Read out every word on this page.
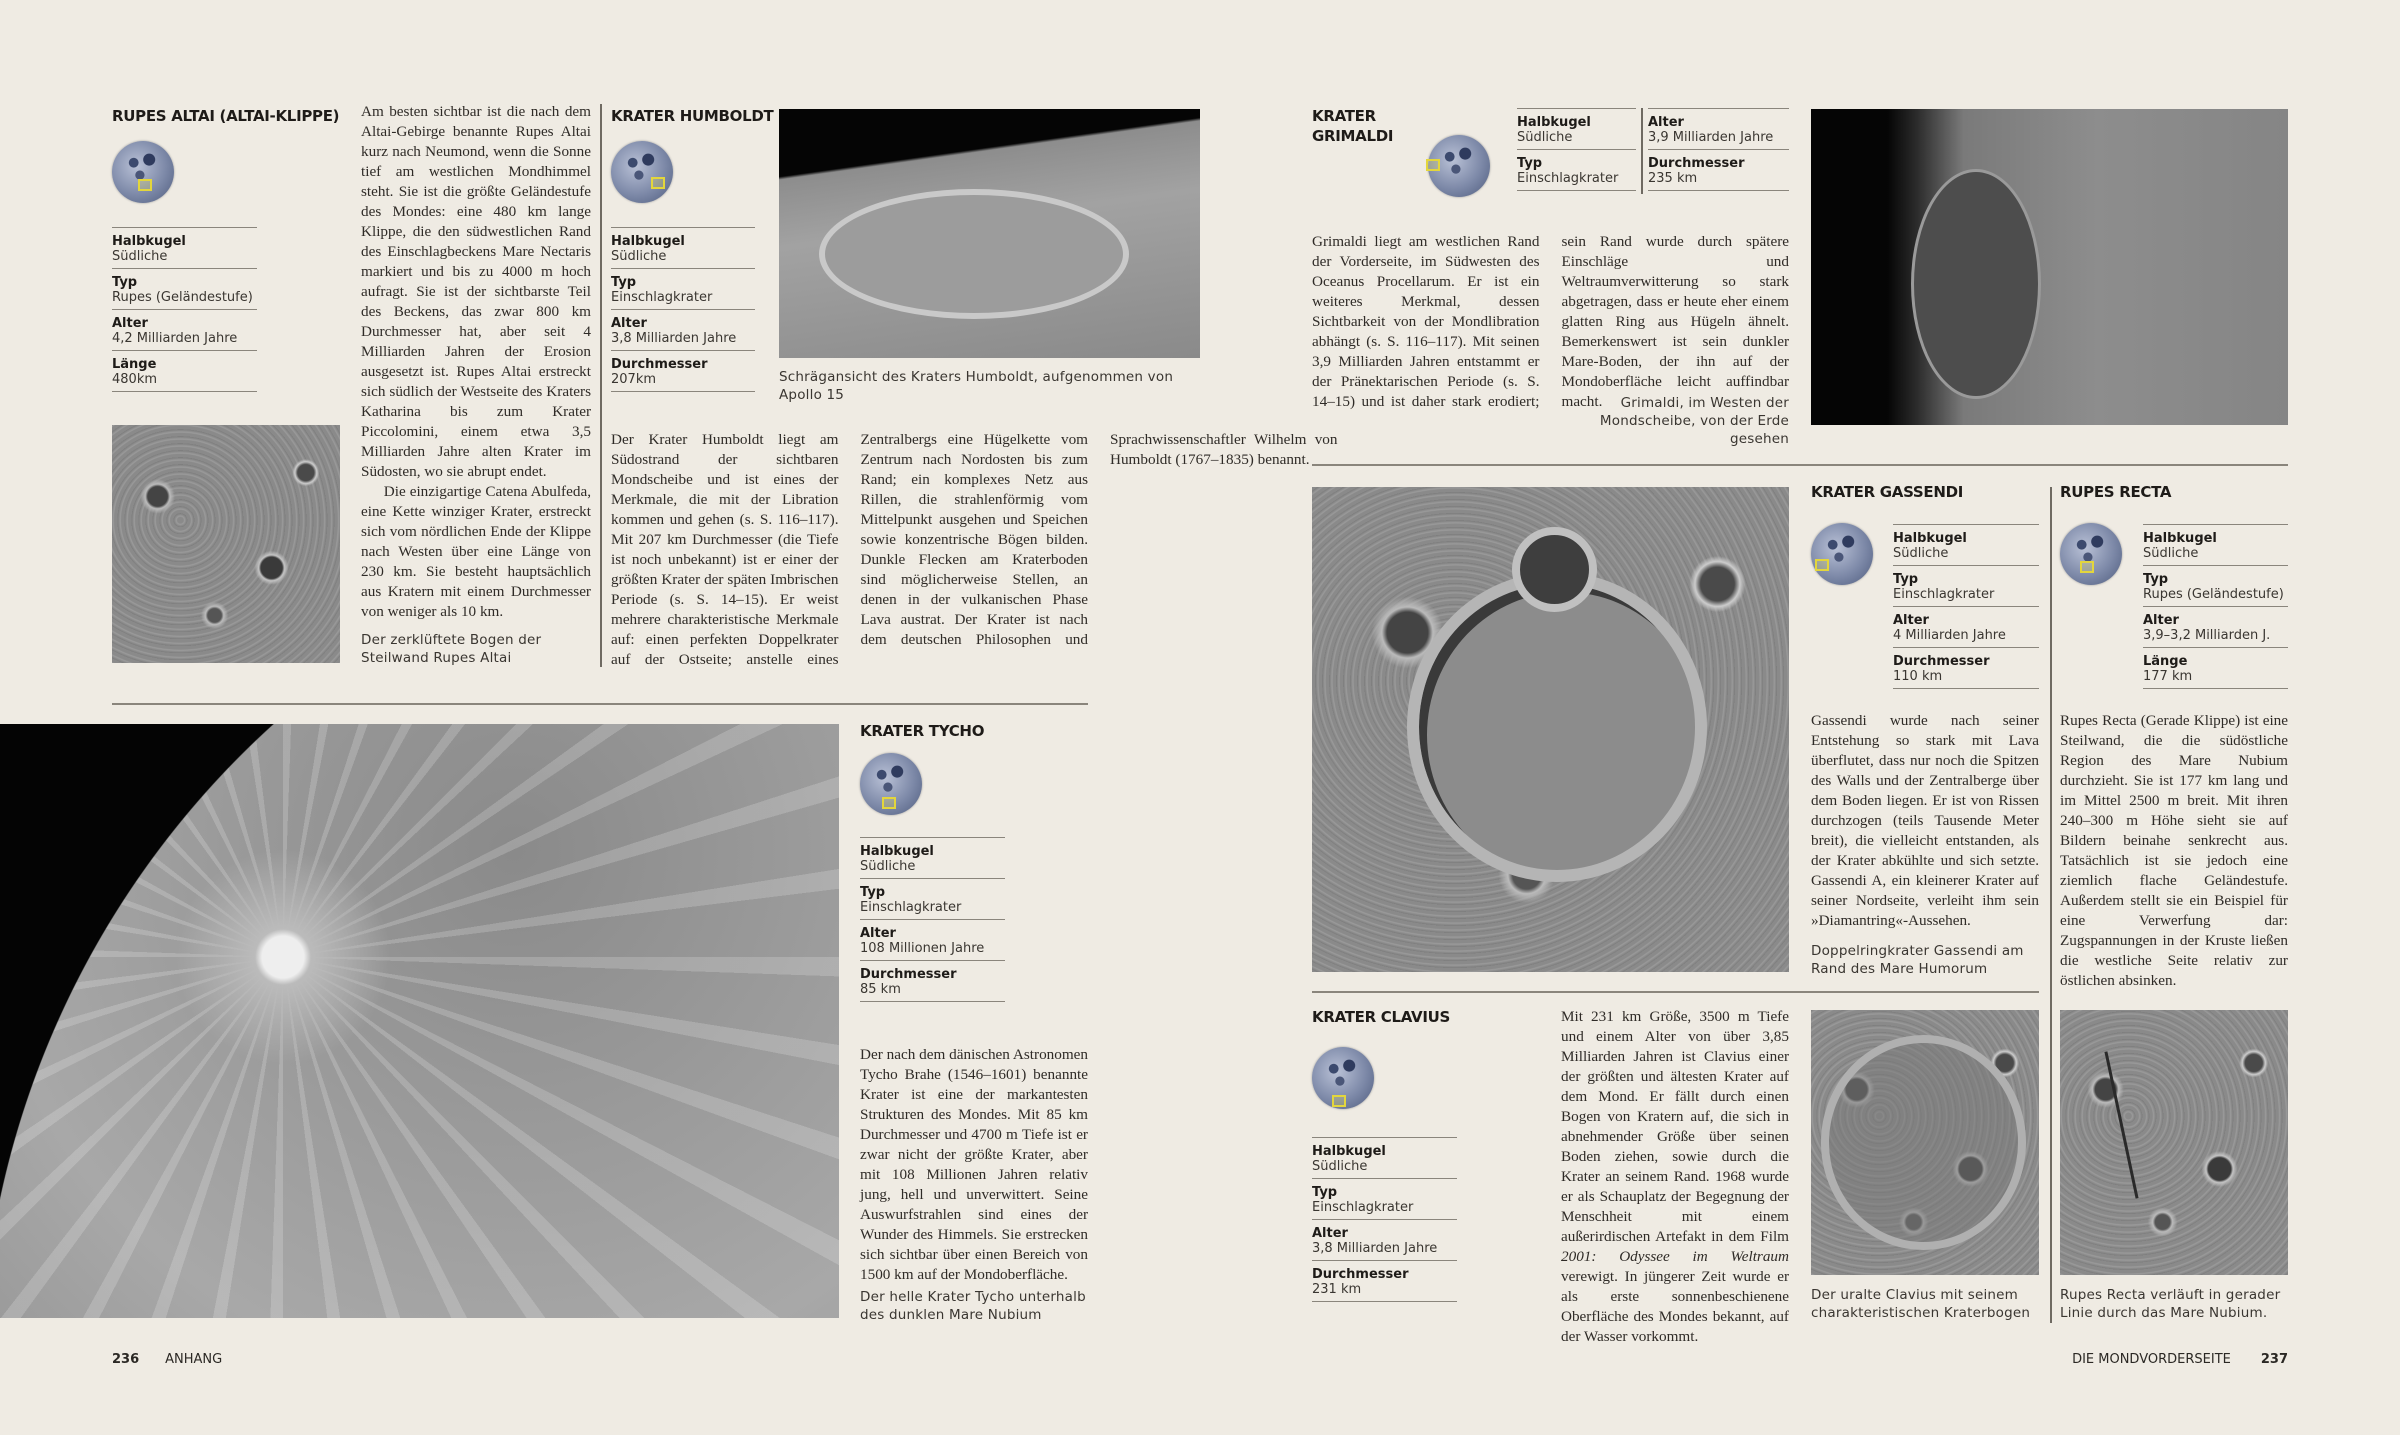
RUPES ALTAI (ALTAI-KLIPPE)
Halbkugel
Südliche
Typ
Rupes (Geländestufe)
Alter
4,2 Milliarden Jahre
Länge
480km

Am besten sichtbar ist die nach dem Altai-Gebirge benannte Rupes Altai kurz nach Neumond, wenn die Sonne tief am westlichen Mondhimmel steht. Sie ist die größte Geländestufe des Mondes: eine 480 km lange Klippe, die den südwestlichen Rand des Einschlagbeckens Mare Nectaris markiert und bis zu 4000 m hoch aufragt. Sie ist der sichtbarste Teil des Beckens, das zwar 800 km Durchmesser hat, aber seit 4 Milliarden Jahren der Erosion ausgesetzt ist. Rupes Altai erstreckt sich südlich der Westseite des Kraters Katharina bis zum Krater Piccolomini, einem etwa 3,5 Milliarden Jahre alten Krater im Südosten, wo sie abrupt endet.

Die einzigartige Catena Abulfeda, eine Kette winziger Krater, erstreckt sich vom nördlichen Ende der Klippe nach Westen über eine Länge von 230 km. Sie besteht hauptsächlich aus Kratern mit einem Durchmesser von weniger als 10 km.

Der zerklüftete Bogen der Steilwand Rupes Altai
KRATER HUMBOLDT
Halbkugel
Südliche
Typ
Einschlagkrater
Alter
3,8 Milliarden Jahre
Durchmesser
207km	Schrägansicht des Kraters Humboldt, aufgenommen von Apollo 15
Der Krater Humboldt liegt am Südostrand der sichtbaren Mondscheibe und ist eines der Merkmale, die mit der Libration kommen und gehen (s. S. 116–117). Mit 207 km Durchmesser (die Tiefe ist noch unbekannt) ist er einer der größten Krater der späten Imbrischen Periode (s. S. 14–15). Er weist mehrere charakteristische Merkmale auf: einen perfekten Doppelkrater auf der Ostseite; anstelle eines Zentralbergs eine Hügelkette vom Zentrum nach Nordosten bis zum Rand; ein komplexes Netz aus Rillen, die strahlenförmig vom Mittelpunkt ausgehen und Speichen sowie konzentrische Bögen bilden. Dunkle Flecken am Kraterboden sind möglicherweise Stellen, an denen in der vulkanischen Phase Lava austrat. Der Krater ist nach dem deutschen Philosophen und Sprachwissenschaftler Wilhelm von Humboldt (1767–1835) benannt.
KRATER TYCHO
Halbkugel
Südliche
Typ
Einschlagkrater
Alter
108 Millionen Jahre
Durchmesser
85 km
Der nach dem dänischen Astronomen Tycho Brahe (1546–1601) benannte Krater ist eine der markantesten Strukturen des Mondes. Mit 85 km Durchmesser und 4700 m Tiefe ist er zwar nicht der größte Krater, aber mit 108 Millionen Jahren relativ jung, hell und unverwittert. Seine Auswurfstrahlen sind eines der Wunder des Himmels. Sie erstrecken sich sichtbar über einen Bereich von 1500 km auf der Mondoberfläche.
Der helle Krater Tycho unterhalb des dunklen Mare Nubium
236 ANHANG
KRATER GRIMALDI
Halbkugel
Südliche
Typ
Einschlagkrater
Alter
3,9 Milliarden Jahre
Durchmesser
235 km
Grimaldi liegt am westlichen Rand der Vorderseite, im Südwesten des Oceanus Procellarum. Er ist ein weiteres Merkmal, dessen Sichtbarkeit von der Mondlibration abhängt (s. S. 116–117). Mit seinen 3,9 Milliarden Jahren entstammt er der Pränektarischen Periode (s. S. 14–15) und ist daher stark erodiert; sein Rand wurde durch spätere Einschläge und Weltraumverwitterung so stark abgetragen, dass er heute eher einem glatten Ring aus Hügeln ähnelt. Bemerkenswert ist sein dunkler Mare-Boden, der ihn auf der Mondoberfläche leicht auffindbar macht.	Grimaldi, im Westen der Mondscheibe, von der Erde gesehen
KRATER GASSENDI
Halbkugel
Südliche
Typ
Einschlagkrater
Alter
4 Milliarden Jahre
Durchmesser
110 km
Gassendi wurde nach seiner Entstehung so stark mit Lava überflutet, dass nur noch die Spitzen des Walls und der Zentralberge über dem Boden liegen. Er ist von Rissen durchzogen (teils Tausende Meter breit), die vielleicht entstanden, als der Krater abkühlte und sich setzte. Gassendi A, ein kleinerer Krater auf seiner Nordseite, verleiht ihm sein »Diamantring«-Aussehen.
Doppelringkrater Gassendi am Rand des Mare Humorum
RUPES RECTA
Halbkugel
Südliche
Typ
Rupes (Geländestufe)
Alter
3,9–3,2 Milliarden J.
Länge
177 km
Rupes Recta (Gerade Klippe) ist eine Steilwand, die die südöstliche Region des Mare Nubium durchzieht. Sie ist 177 km lang und im Mittel 2500 m breit. Mit ihren 240–300 m Höhe sieht sie auf Bildern beinahe senkrecht aus. Tatsächlich ist sie jedoch eine ziemlich flache Geländestufe. Außerdem stellt sie ein Beispiel für eine Verwerfung dar: Zugspannungen in der Kruste ließen die westliche Seite relativ zur östlichen absinken.
Rupes Recta verläuft in gerader Linie durch das Mare Nubium.
KRATER CLAVIUS
Halbkugel
Südliche
Typ
Einschlagkrater
Alter
3,8 Milliarden Jahre
Durchmesser
231 km
Mit 231 km Größe, 3500 m Tiefe und einem Alter von über 3,85 Milliarden Jahren ist Clavius einer der größten und ältesten Krater auf dem Mond. Er fällt durch einen Bogen von Kratern auf, die sich in abnehmender Größe über seinen Boden ziehen, sowie durch die Krater an seinem Rand. 1968 wurde er als Schauplatz der Begegnung der Menschheit mit einem außerirdischen Artefakt in dem Film 2001: Odyssee im Weltraum verewigt. In jüngerer Zeit wurde er als erste sonnenbeschienene Oberfläche des Mondes bekannt, auf der Wasser vorkommt.
Der uralte Clavius mit seinem charakteristischen Kraterbogen
DIE MONDVORDERSEITE 237
